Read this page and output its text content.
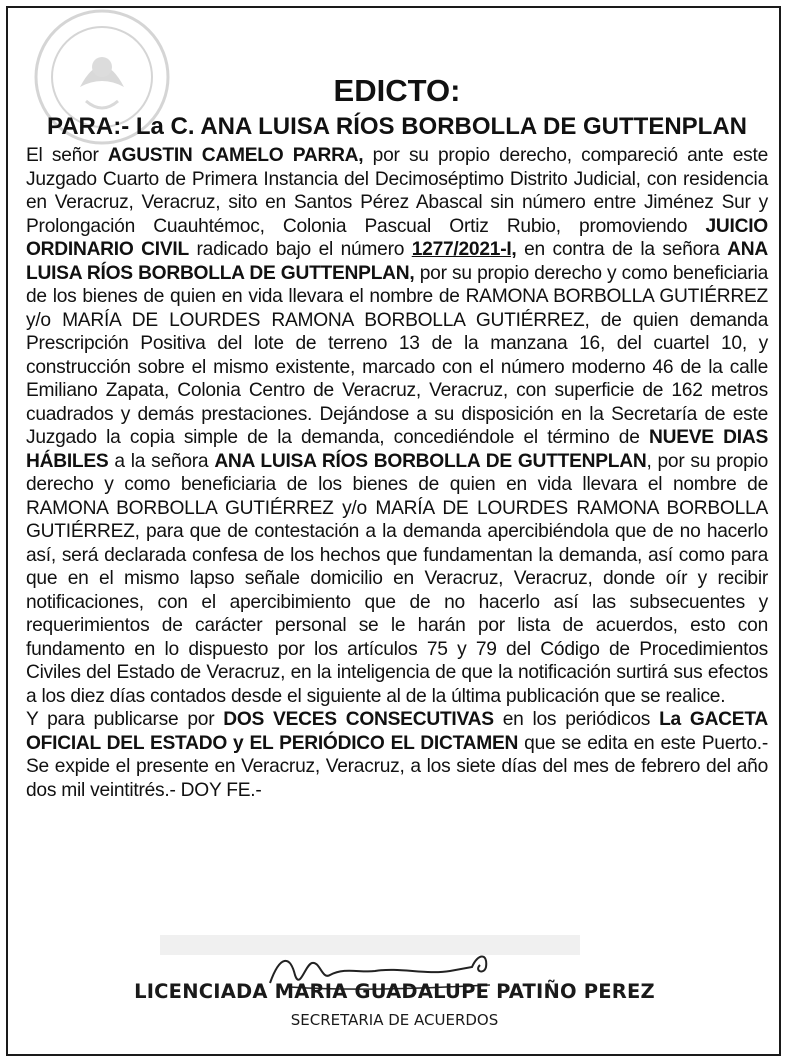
EDICTO:
PARA:- La C. ANA LUISA RÍOS BORBOLLA DE GUTTENPLAN

El señor AGUSTIN CAMELO PARRA, por su propio derecho, compareció ante este Juzgado Cuarto de Primera Instancia del Decimoséptimo Distrito Judicial, con residencia en Veracruz, Veracruz, sito en Santos Pérez Abascal sin número entre Jiménez Sur y Prolongación Cuauhtémoc, Colonia Pascual Ortiz Rubio, promoviendo JUICIO ORDINARIO CIVIL radicado bajo el número 1277/2021-I, en contra de la señora ANA LUISA RÍOS BORBOLLA DE GUTTENPLAN, por su propio derecho y como beneficiaria de los bienes de quien en vida llevara el nombre de RAMONA BORBOLLA GUTIÉRREZ y/o MARÍA DE LOURDES RAMONA BORBOLLA GUTIÉRREZ, de quien demanda Prescripción Positiva del lote de terreno 13 de la manzana 16, del cuartel 10, y construcción sobre el mismo existente, marcado con el número moderno 46 de la calle Emiliano Zapata, Colonia Centro de Veracruz, Veracruz, con superficie de 162 metros cuadrados y demás prestaciones. Dejándose a su disposición en la Secretaría de este Juzgado la copia simple de la demanda, concediéndole el término de NUEVE DIAS HÁBILES a la señora ANA LUISA RÍOS BORBOLLA DE GUTTENPLAN, por su propio derecho y como beneficiaria de los bienes de quien en vida llevara el nombre de RAMONA BORBOLLA GUTIÉRREZ y/o MARÍA DE LOURDES RAMONA BORBOLLA GUTIÉRREZ, para que de contestación a la demanda apercibiéndola que de no hacerlo así, será declarada confesa de los hechos que fundamentan la demanda, así como para que en el mismo lapso señale domicilio en Veracruz, Veracruz, donde oír y recibir notificaciones, con el apercibimiento que de no hacerlo así las subsecuentes y requerimientos de carácter personal se le harán por lista de acuerdos, esto con fundamento en lo dispuesto por los artículos 75 y 79 del Código de Procedimientos Civiles del Estado de Veracruz, en la inteligencia de que la notificación surtirá sus efectos a los diez días contados desde el siguiente al de la última publicación que se realice.

Y para publicarse por DOS VECES CONSECUTIVAS en los periódicos La GACETA OFICIAL DEL ESTADO y EL PERIÓDICO EL DICTAMEN que se edita en este Puerto.- Se expide el presente en Veracruz, Veracruz, a los siete días del mes de febrero del año dos mil veintitrés.- DOY FE.-

LICENCIADA MARIA GUADALUPE PATIÑO PEREZ
SECRETARIA DE ACUERDOS
